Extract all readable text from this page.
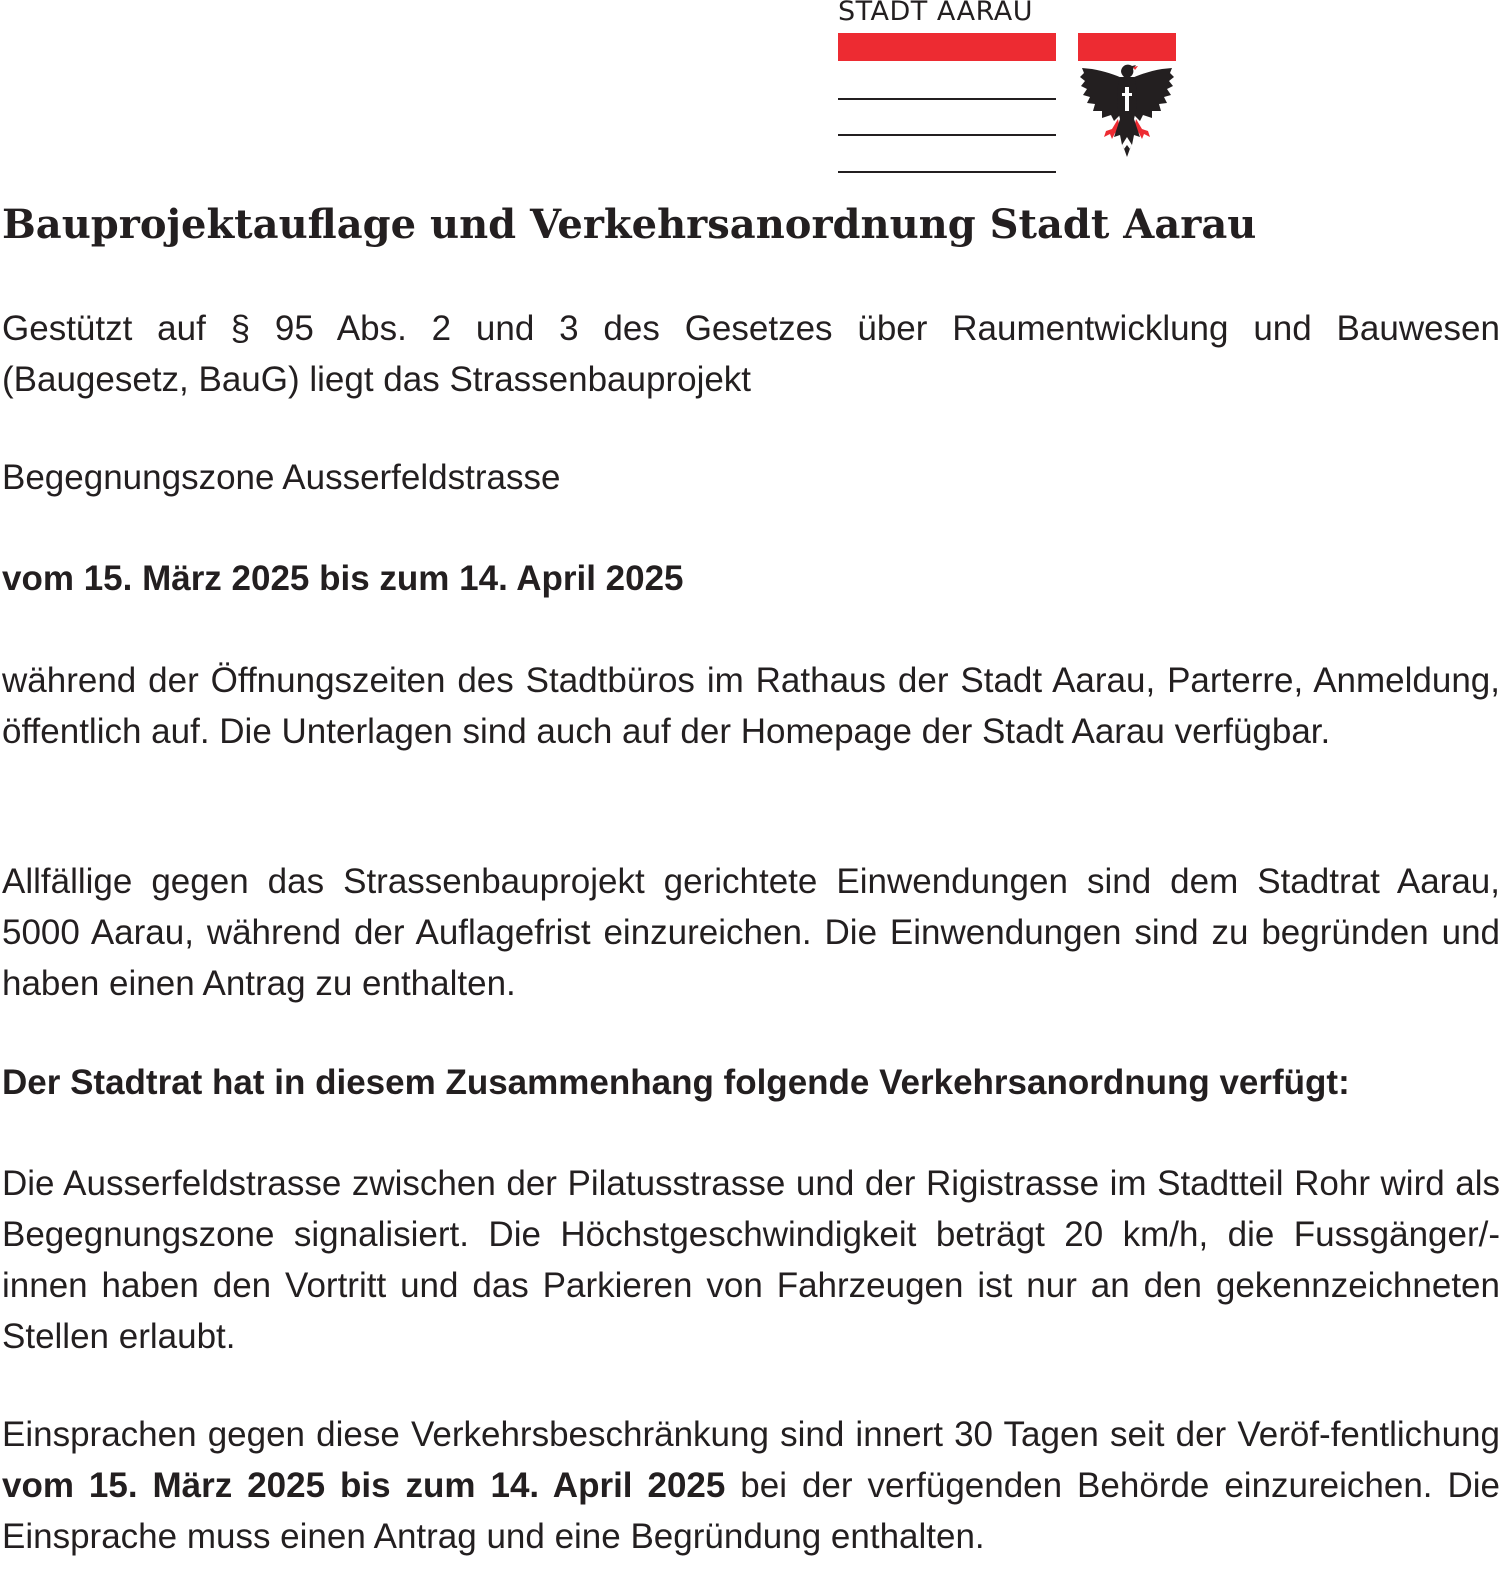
STADT AARAU
Bauprojektauflage und Verkehrsanordnung Stadt Aarau

Gestützt auf § 95 Abs. 2 und 3 des Gesetzes über Raumentwicklung und Bauwesen (Baugesetz, BauG) liegt das Strassenbauprojekt

Begegnungszone Ausserfeldstrasse

vom 15. März 2025 bis zum 14. April 2025

während der Öffnungszeiten des Stadtbüros im Rathaus der Stadt Aarau, Parterre, Anmeldung, öffentlich auf. Die Unterlagen sind auch auf der Homepage der Stadt Aarau verfügbar.

Allfällige gegen das Strassenbauprojekt gerichtete Einwendungen sind dem Stadtrat Aarau, 5000 Aarau, während der Auflagefrist einzureichen. Die Einwendungen sind zu begründen und haben einen Antrag zu enthalten.

Der Stadtrat hat in diesem Zusammenhang folgende Verkehrsanordnung verfügt:

Die Ausserfeldstrasse zwischen der Pilatusstrasse und der Rigistrasse im Stadtteil Rohr wird als Begegnungszone signalisiert. Die Höchstgeschwindigkeit beträgt 20 km/h, die Fussgänger/-innen haben den Vortritt und das Parkieren von Fahrzeugen ist nur an den gekennzeichneten Stellen erlaubt.

Einsprachen gegen diese Verkehrsbeschränkung sind innert 30 Tagen seit der Veröf-fentlichung vom 15. März 2025 bis zum 14. April 2025 bei der verfügenden Behörde einzureichen. Die Einsprache muss einen Antrag und eine Begründung enthalten.
